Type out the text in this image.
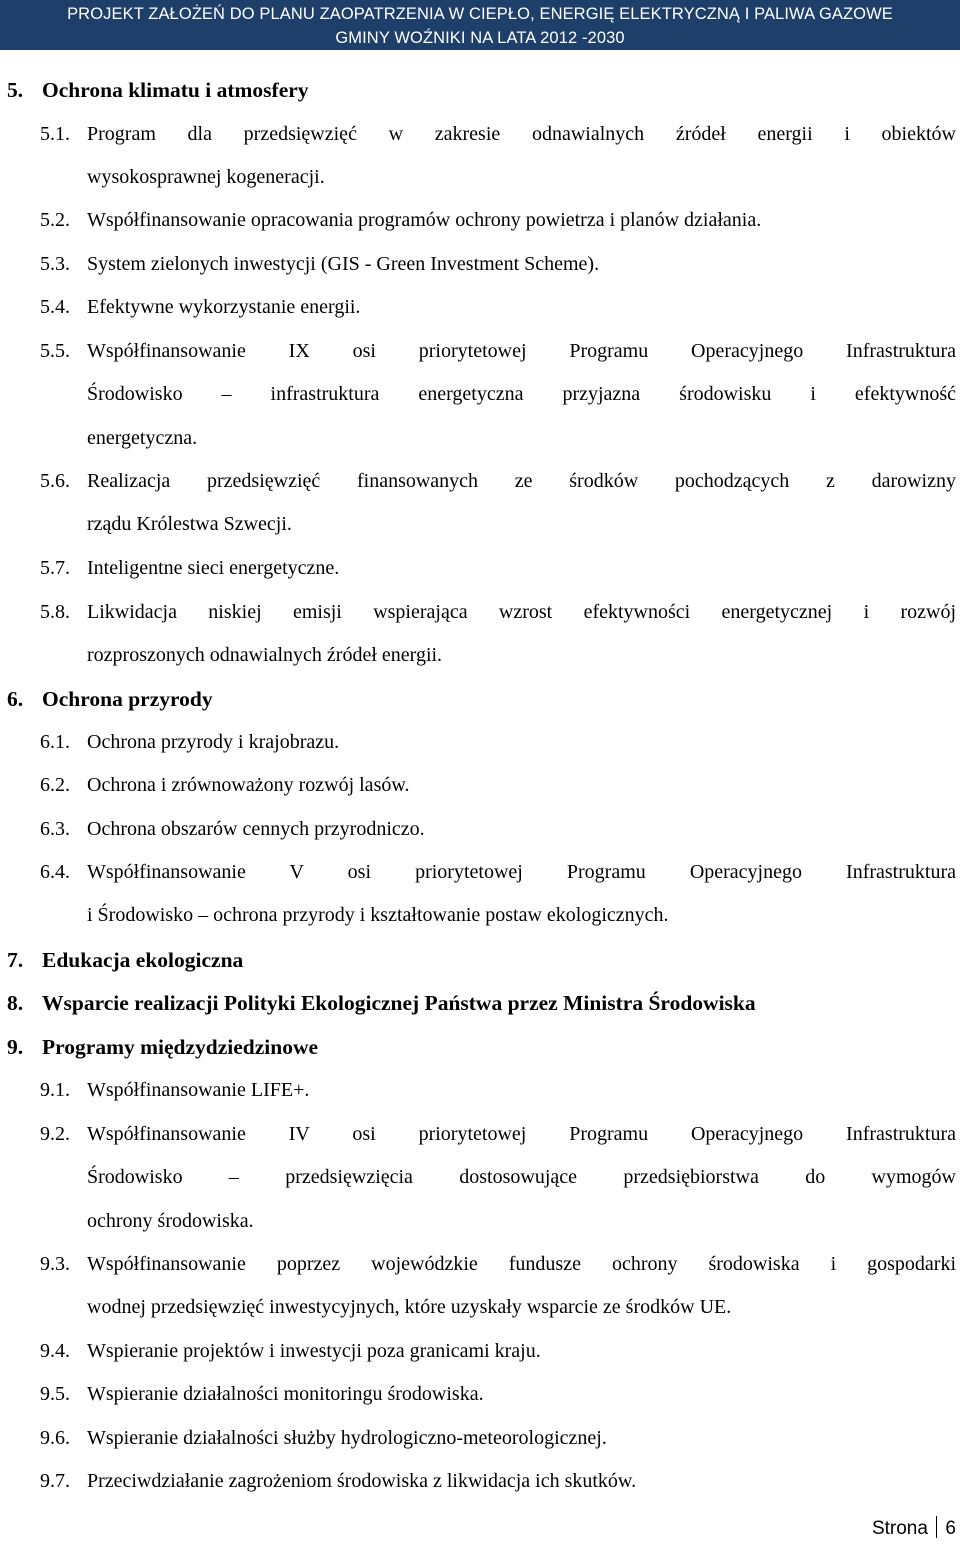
PROJEKT ZAŁOŻEŃ DO PLANU ZAOPATRZENIA W CIEPŁO, ENERGIĘ ELEKTRYCZNĄ I PALIWA GAZOWE
GMINY WOŹNIKI NA LATA 2012 -2030
5. Ochrona klimatu i atmosfery
5.1. Program dla przedsięwzięć w zakresie odnawialnych źródeł energii i obiektów
wysokosprawnej kogeneracji.
5.2. Współfinansowanie opracowania programów ochrony powietrza i planów działania.
5.3. System zielonych inwestycji (GIS - Green Investment Scheme).
5.4. Efektywne wykorzystanie energii.
5.5. Współfinansowanie IX osi priorytetowej Programu Operacyjnego Infrastruktura
Środowisko – infrastruktura energetyczna przyjazna środowisku i efektywność
energetyczna.
5.6. Realizacja przedsięwzięć finansowanych ze środków pochodzących z darowizny
rządu Królestwa Szwecji.
5.7. Inteligentne sieci energetyczne.
5.8. Likwidacja niskiej emisji wspierająca wzrost efektywności energetycznej i rozwój
rozproszonych odnawialnych źródeł energii.
6. Ochrona przyrody
6.1. Ochrona przyrody i krajobrazu.
6.2. Ochrona i zrównoważony rozwój lasów.
6.3. Ochrona obszarów cennych przyrodniczo.
6.4. Współfinansowanie V osi priorytetowej Programu Operacyjnego Infrastruktura
i Środowisko – ochrona przyrody i kształtowanie postaw ekologicznych.
7. Edukacja ekologiczna
8. Wsparcie realizacji Polityki Ekologicznej Państwa przez Ministra Środowiska
9. Programy międzydziedzinowe
9.1. Współfinansowanie LIFE+.
9.2. Współfinansowanie IV osi priorytetowej Programu Operacyjnego Infrastruktura
Środowisko – przedsięwzięcia dostosowujące przedsiębiorstwa do wymogów
ochrony środowiska.
9.3. Współfinansowanie poprzez wojewódzkie fundusze ochrony środowiska i gospodarki
wodnej przedsięwzięć inwestycyjnych, które uzyskały wsparcie ze środków UE.
9.4. Wspieranie projektów i inwestycji poza granicami kraju.
9.5. Wspieranie działalności monitoringu środowiska.
9.6. Wspieranie działalności służby hydrologiczno-meteorologicznej.
9.7. Przeciwdziałanie zagrożeniom środowiska z likwidacja ich skutków.
Strona 6
